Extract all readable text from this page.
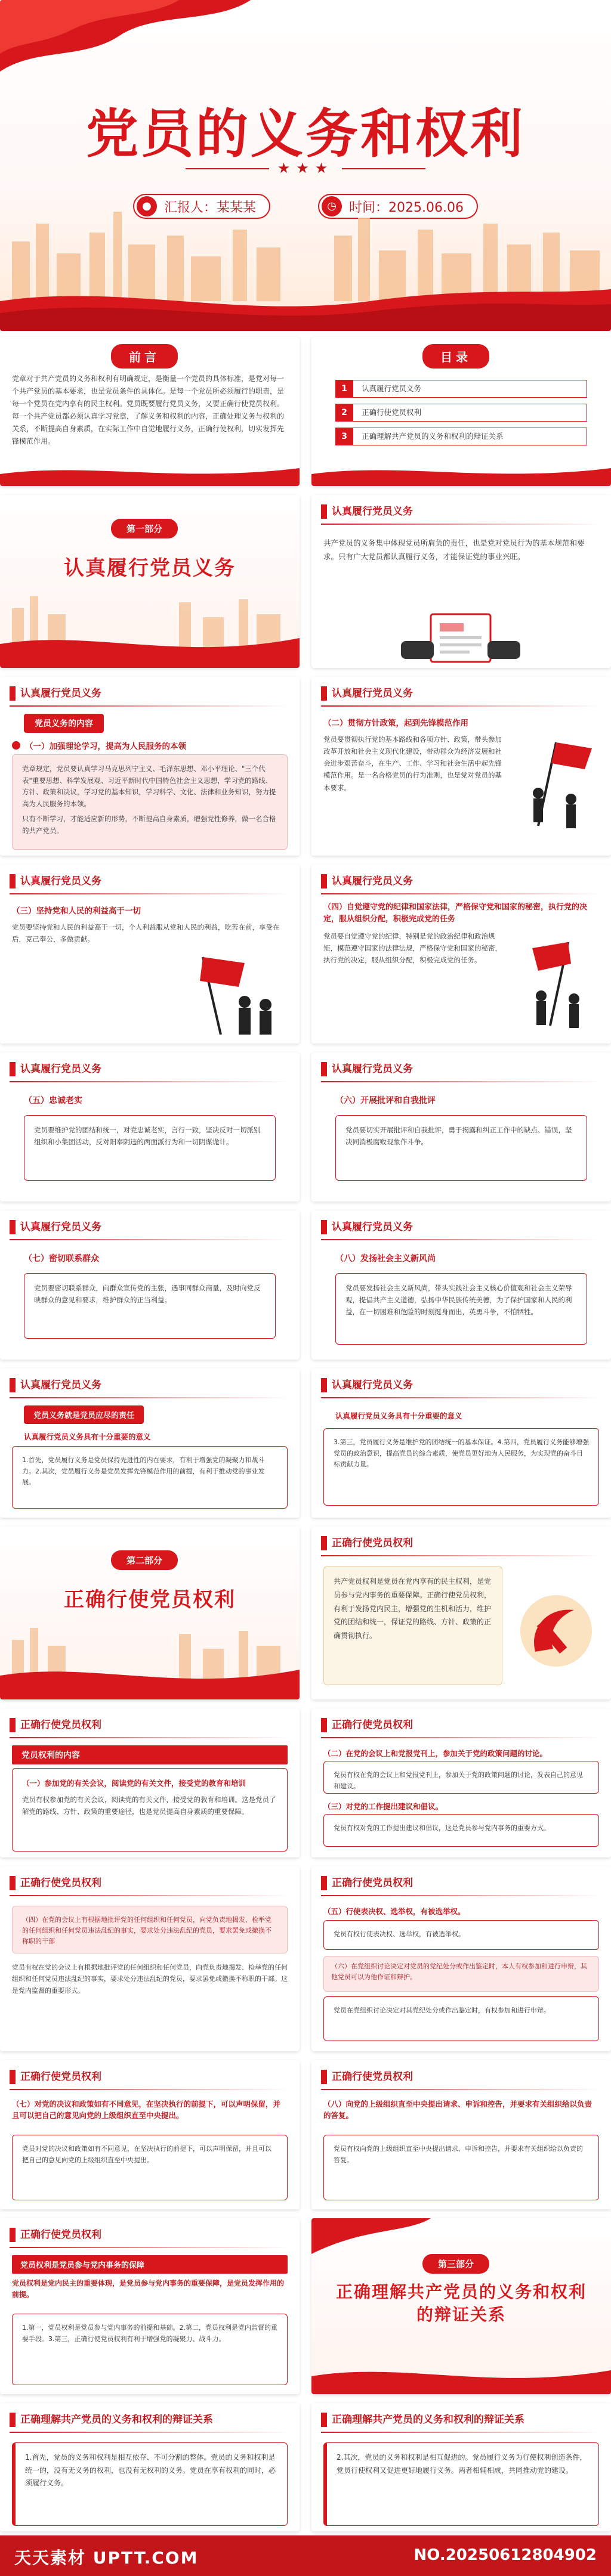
党员的义务和权利
★★★
● 汇报人：某某某	◷ 时间：2025.06.06
前言
党章对于共产党员的义务和权利有明确规定，是衡量一个党员的具体标准，是党对每一个共产党员的基本要求，也是党员条件的具体化。是每一个党员所必须履行的职责，是每一个党员在党内享有的民主权利。党员既要履行党员义务，又要正确行使党员权利。每一个共产党员都必须认真学习党章，了解义务和权利的内容，正确处理义务与权利的关系，不断提高自身素质，在实际工作中自觉地履行义务，正确行使权利，切实发挥先锋模范作用。
目录
1	认真履行党员义务
2	正确行使党员权利
3	正确理解共产党员的义务和权利的辩证关系
第一部分
认真履行党员义务
认真履行党员义务
共产党员的义务集中体现党员所肩负的责任，也是党对党员行为的基本规范和要求。只有广大党员都认真履行义务，才能保证党的事业兴旺。
认真履行党员义务
党员义务的内容
（一）加强理论学习，提高为人民服务的本领

党章规定，党员要认真学习马克思列宁主义、毛泽东思想、邓小平理论、"三个代表"重要思想、科学发展观、习近平新时代中国特色社会主义思想，学习党的路线、方针、政策和决议，学习党的基本知识，学习科学、文化、法律和业务知识，努力提高为人民服务的本领。

只有不断学习，才能适应新的形势，不断提高自身素质，增强党性修养，做一名合格的共产党员。

认真履行党员义务
（二）贯彻方针政策，起到先锋模范作用
党员要贯彻执行党的基本路线和各项方针、政策，带头参加改革开放和社会主义现代化建设，带动群众为经济发展和社会进步艰苦奋斗，在生产、工作、学习和社会生活中起先锋模范作用。是一名合格党员的行为准则，也是党对党员的基本要求。
认真履行党员义务
（三）坚持党和人民的利益高于一切
党员要坚持党和人民的利益高于一切，个人利益服从党和人民的利益，吃苦在前，享受在后，克己奉公，多做贡献。
认真履行党员义务
（四）自觉遵守党的纪律和国家法律，严格保守党和国家的秘密，执行党的决定，服从组织分配，积极完成党的任务
党员要自觉遵守党的纪律，特别是党的政治纪律和政治规矩，模范遵守国家的法律法规，严格保守党和国家的秘密，执行党的决定，服从组织分配，积极完成党的任务。
认真履行党员义务
（五）忠诚老实
党员要维护党的团结和统一，对党忠诚老实，言行一致，坚决反对一切派别组织和小集团活动，反对阳奉阴违的两面派行为和一切阴谋诡计。
认真履行党员义务
（六）开展批评和自我批评
党员要切实开展批评和自我批评，勇于揭露和纠正工作中的缺点、错误，坚决同消极腐败现象作斗争。
认真履行党员义务
（七）密切联系群众
党员要密切联系群众，向群众宣传党的主张，遇事同群众商量，及时向党反映群众的意见和要求，维护群众的正当利益。
认真履行党员义务
（八）发扬社会主义新风尚
党员要发扬社会主义新风尚，带头实践社会主义核心价值观和社会主义荣辱观，提倡共产主义道德，弘扬中华民族传统美德，为了保护国家和人民的利益，在一切困难和危险的时刻挺身而出，英勇斗争，不怕牺牲。
认真履行党员义务
党员义务就是党员应尽的责任
认真履行党员义务具有十分重要的意义
1.首先，党员履行义务是党员保持先进性的内在要求，有利于增强党的凝聚力和战斗力。2.其次，党员履行义务是党员发挥先锋模范作用的前提，有利于推动党的事业发展。
认真履行党员义务
认真履行党员义务具有十分重要的意义
3.第三，党员履行义务是维护党的团结统一的基本保证。4.第四，党员履行义务能够增强党员的政治意识，提高党员的综合素质，使党员更好地为人民服务，为实现党的奋斗目标贡献力量。
第二部分
正确行使党员权利
正确行使党员权利
共产党员权利是党员在党内享有的民主权利，是党员参与党内事务的重要保障。正确行使党员权利，有利于发扬党内民主，增强党的生机和活力，维护党的团结和统一，保证党的路线、方针、政策的正确贯彻执行。
正确行使党员权利
党员权利的内容

（一）参加党的有关会议，阅读党的有关文件，接受党的教育和培训

党员有权参加党的有关会议，阅读党的有关文件，接受党的教育和培训。这是党员了解党的路线、方针、政策的重要途径，也是党员提高自身素质的重要保障。

正确行使党员权利
（二）在党的会议上和党报党刊上，参加关于党的政策问题的讨论。
党员有权在党的会议上和党报党刊上，参加关于党的政策问题的讨论，发表自己的意见和建议。
（三）对党的工作提出建议和倡议。
党员有权对党的工作提出建议和倡议，这是党员参与党内事务的重要方式。
正确行使党员权利
（四）在党的会议上有根据地批评党的任何组织和任何党员，向党负责地揭发、检举党的任何组织和任何党员违法乱纪的事实，要求处分违法乱纪的党员，要求罢免或撤换不称职的干部
党员有权在党的会议上有根据地批评党的任何组织和任何党员，向党负责地揭发、检举党的任何组织和任何党员违法乱纪的事实，要求处分违法乱纪的党员，要求罢免或撤换不称职的干部。这是党内监督的重要形式。
正确行使党员权利
（五）行使表决权、选举权，有被选举权。
党员有权行使表决权、选举权，有被选举权。
（六）在党组织讨论决定对党员的党纪处分或作出鉴定时，本人有权参加和进行申辩，其他党员可以为他作证和辩护。
党员在党组织讨论决定对其党纪处分或作出鉴定时，有权参加和进行申辩。
正确行使党员权利
（七）对党的决议和政策如有不同意见，在坚决执行的前提下，可以声明保留，并且可以把自己的意见向党的上级组织直至中央提出。
党员对党的决议和政策如有不同意见，在坚决执行的前提下，可以声明保留，并且可以把自己的意见向党的上级组织直至中央提出。
正确行使党员权利
（八）向党的上级组织直至中央提出请求、申诉和控告，并要求有关组织给以负责的答复。
党员有权向党的上级组织直至中央提出请求、申诉和控告，并要求有关组织给以负责的答复。
正确行使党员权利
党员权利是党员参与党内事务的保障
党员权利是党内民主的重要体现，是党员参与党内事务的重要保障，是党员发挥作用的前提。
1.第一，党员权利是党员参与党内事务的前提和基础。2.第二，党员权利是党内监督的重要手段。3.第三，正确行使党员权利有利于增强党的凝聚力、战斗力。
第三部分
正确理解共产党员的义务和权利的辩证关系
正确理解共产党员的义务和权利的辩证关系
1.首先，党员的义务和权利是相互依存、不可分割的整体。党员的义务和权利是统一的，没有无义务的权利，也没有无权利的义务。党员在享有权利的同时，必须履行义务。
正确理解共产党员的义务和权利的辩证关系
2.其次，党员的义务和权利是相互促进的。党员履行义务为行使权利创造条件，党员行使权利又促进更好地履行义务。两者相辅相成，共同推动党的建设。
天天素材 UPTT.COM	NO.20250612804902
